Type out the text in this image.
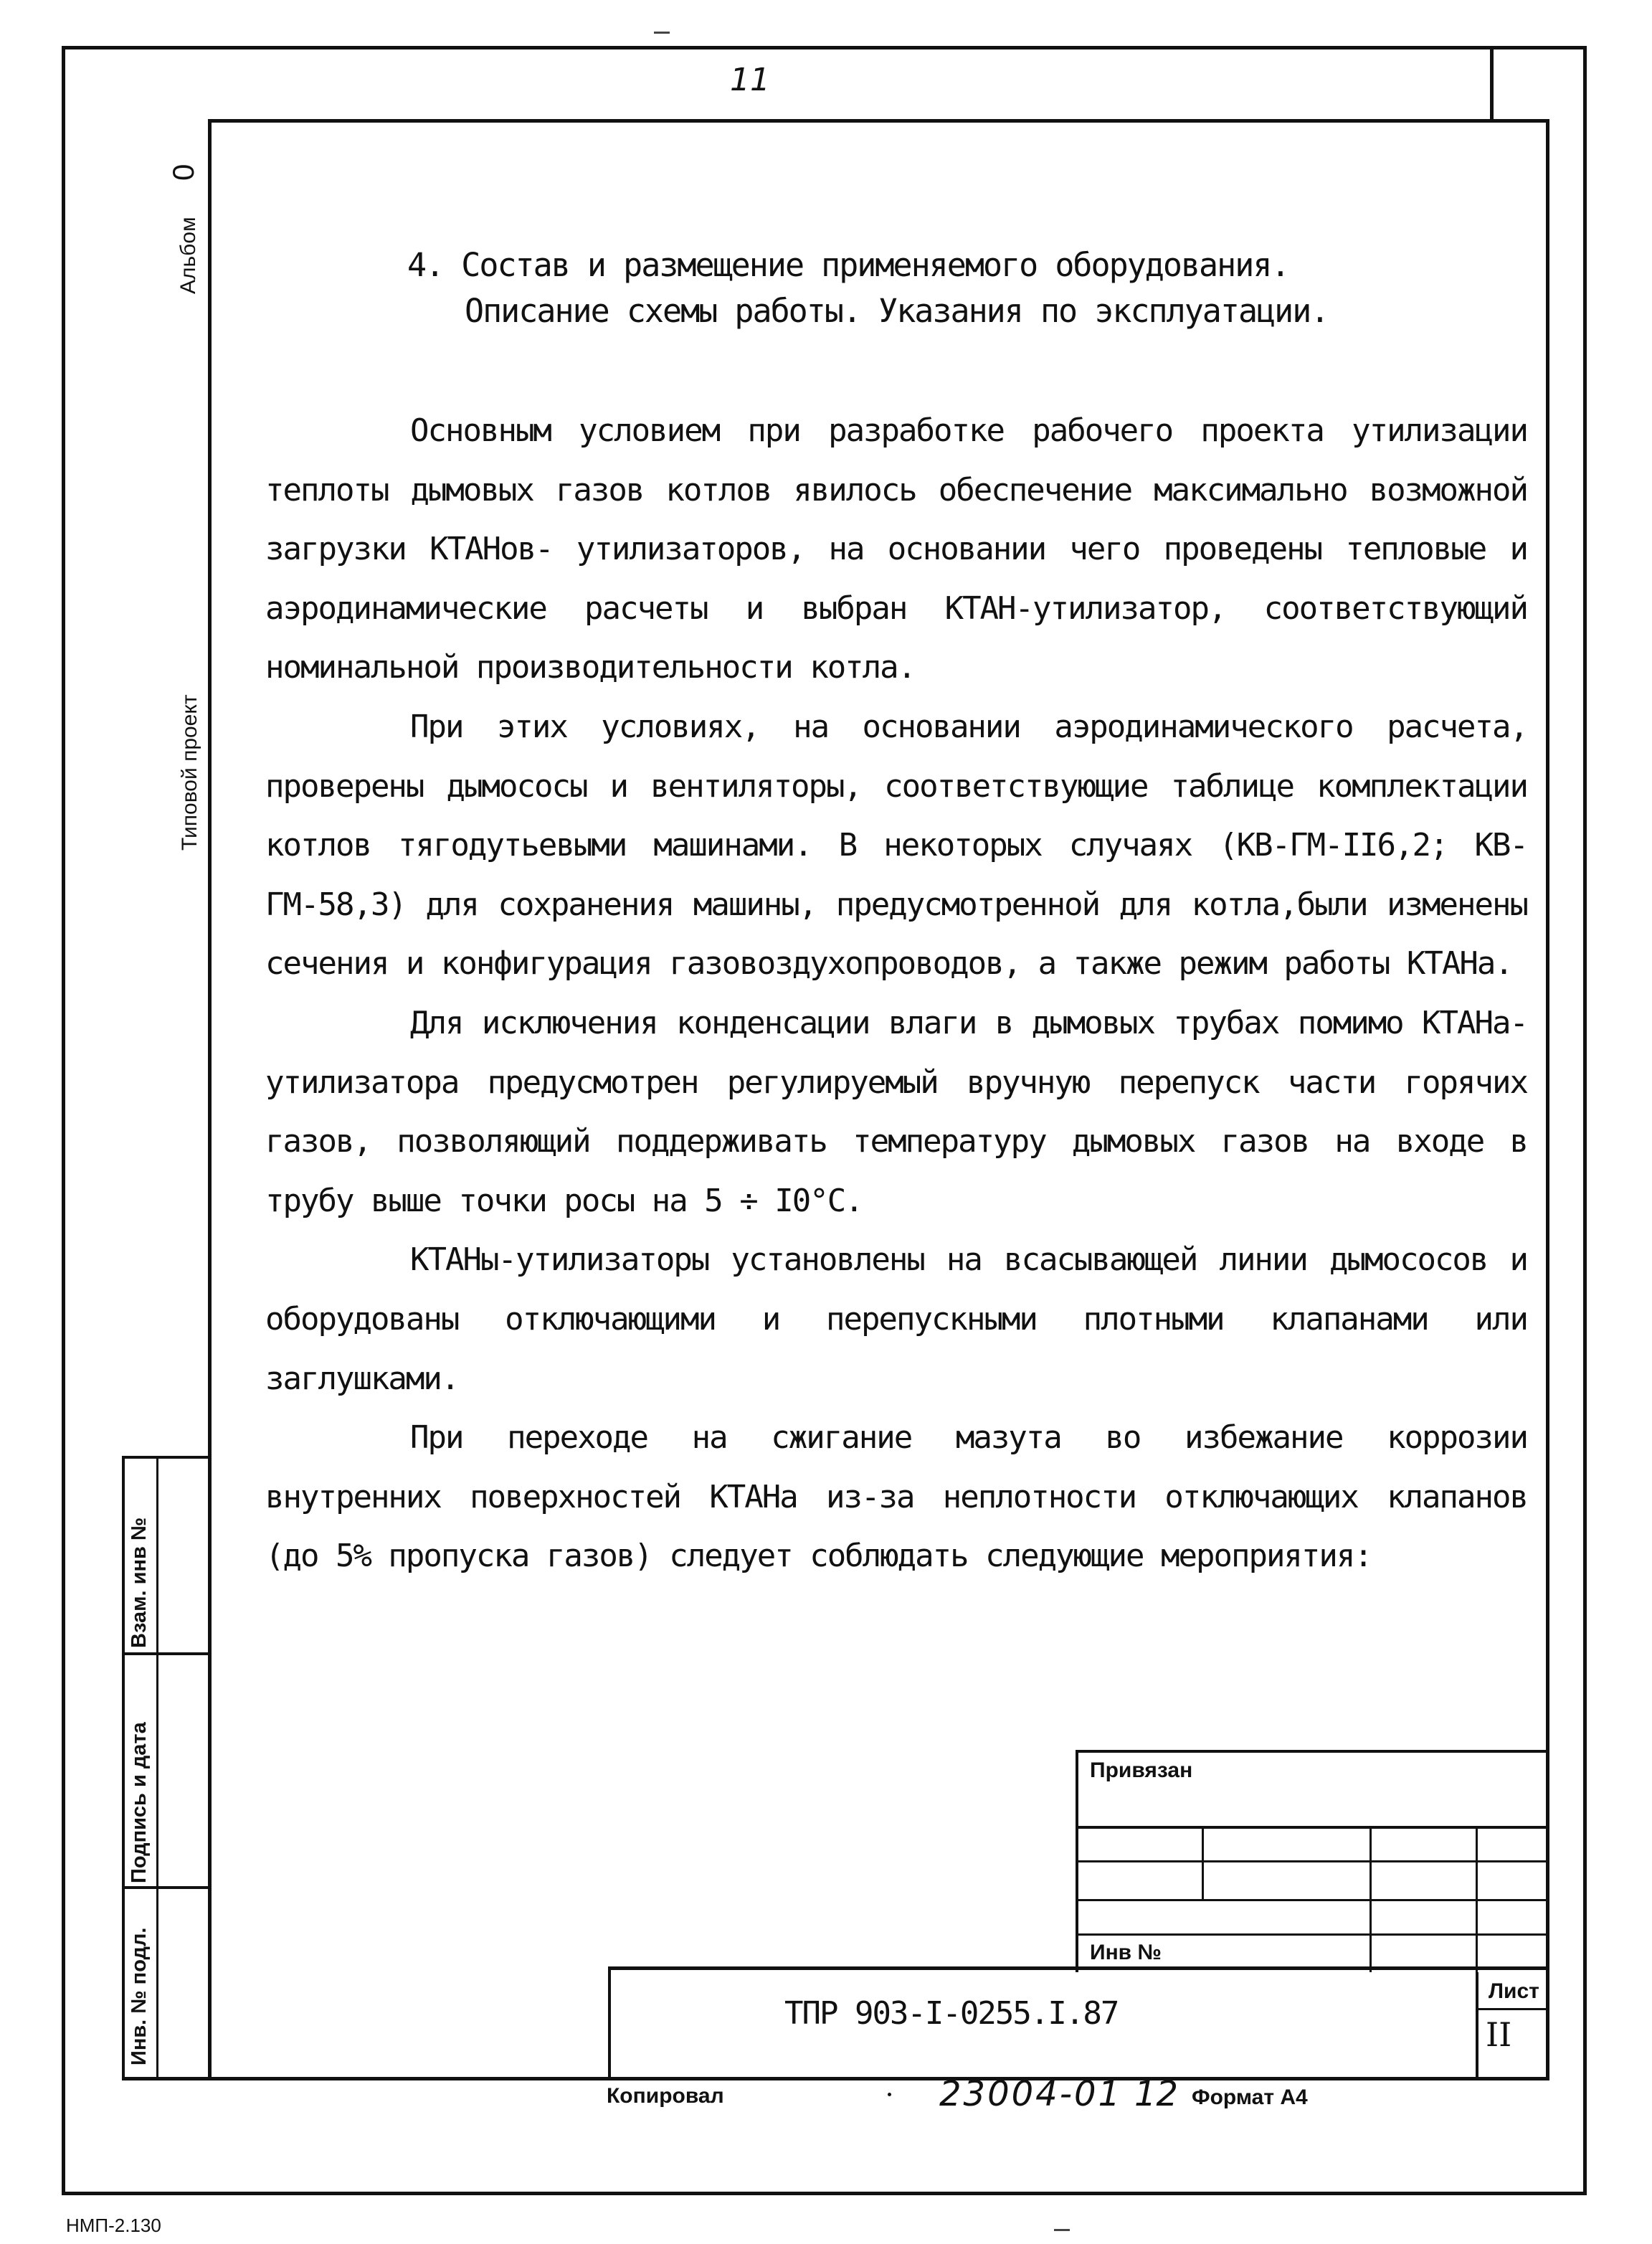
11
Альбом
0
Типовой проект
Инв. № подл.
Подпись и дата
Взам. инв №
4. Состав и размещение применяемого оборудования.
Описание схемы работы. Указания по эксплуатации.

Основным условием при разработке рабочего проекта утилизации теплоты дымовых газов котлов явилось обеспечение максимально возможной загрузки КТАНов- утилизаторов, на основании чего проведены тепловые и аэродинамические расчеты и выбран КТАН-утилизатор, соответствующий номинальной производительности котла.

При этих условиях, на основании аэродинамического расчета, проверены дымососы и вентиляторы, соответствующие таблице комплектации котлов тягодутьевыми машинами. В некоторых случаях (КВ-ГМ-II6,2; КВ-ГМ-58,3) для сохранения машины, предусмотренной для котла,были изменены сечения и конфигурация газовоздухопроводов, а также режим работы КТАНа.

Для исключения конденсации влаги в дымовых трубах помимо КТАНа-утилизатора предусмотрен регулируемый вручную перепуск части горячих газов, позволяющий поддерживать температуру дымовых газов на входе в трубу выше точки росы на 5 ÷ I0°С.

КТАНы-утилизаторы установлены на всасывающей линии дымососов и оборудованы отключающими и перепускными плотными клапанами или заглушками.

При переходе на сжигание мазута во избежание коррозии внутренних поверхностей КТАНа из-за неплотности отключающих клапанов (до 5% пропуска газов) следует соблюдать следующие мероприятия:

Привязан
Инв №
ТПР 903-I-0255.I.87
Лист
II
Копировал	23004-01 12 Формат А4
НМП-2.130
